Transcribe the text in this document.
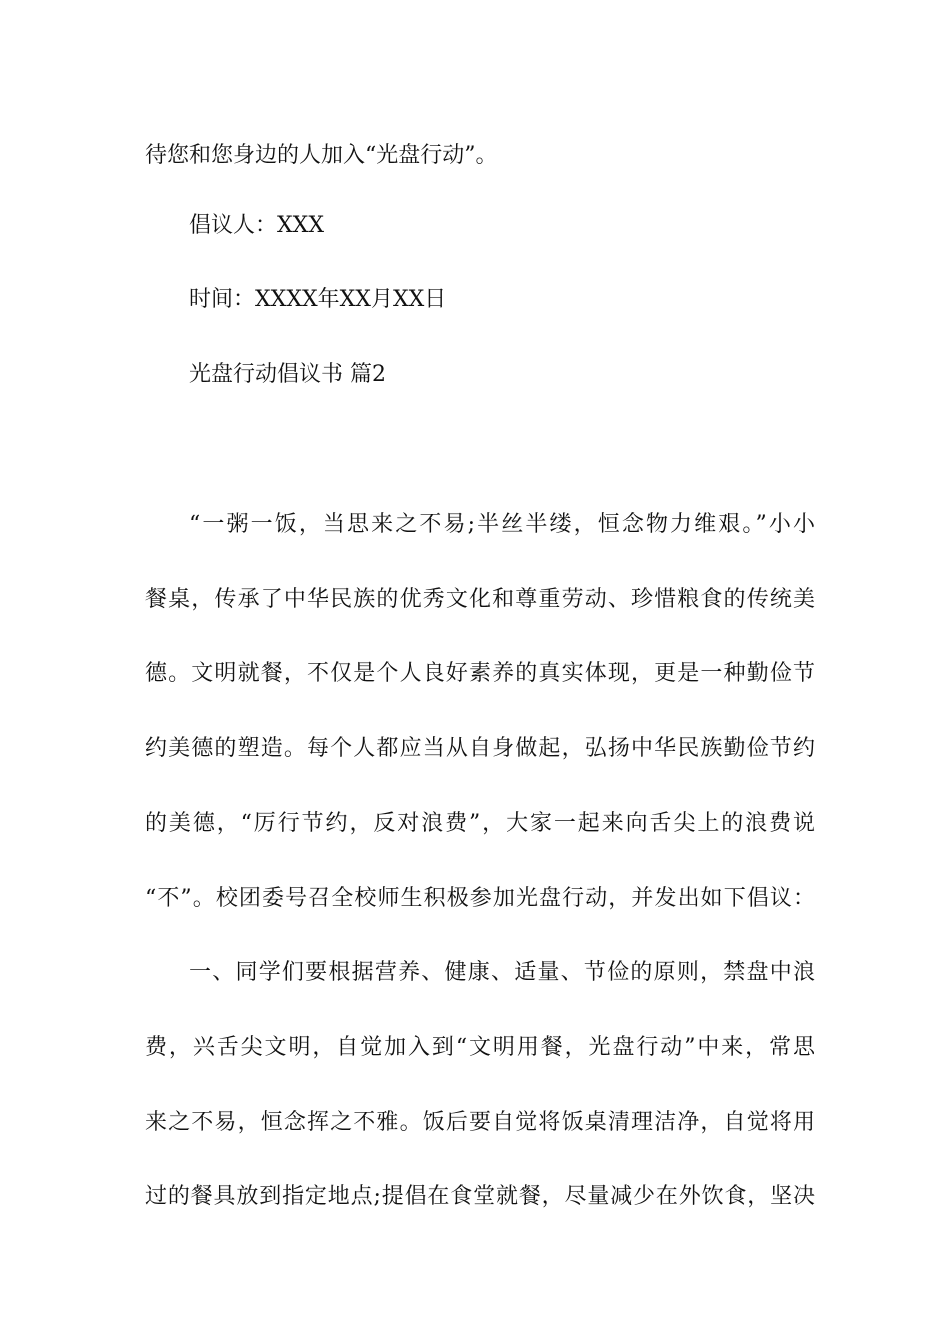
待您和您身边的人加入“光盘行动”。
倡议人：XXX
时间：XXXX年XX月XX日
光盘行动倡议书 篇2
“一粥一饭，当思来之不易;半丝半缕，恒念物力维艰。”小小
餐桌，传承了中华民族的优秀文化和尊重劳动、珍惜粮食的传统美
德。文明就餐，不仅是个人良好素养的真实体现，更是一种勤俭节
约美德的塑造。每个人都应当从自身做起，弘扬中华民族勤俭节约
的美德，“厉行节约，反对浪费”，大家一起来向舌尖上的浪费说
“不”。校团委号召全校师生积极参加光盘行动，并发出如下倡议：
一、同学们要根据营养、健康、适量、节俭的原则，禁盘中浪
费，兴舌尖文明，自觉加入到“文明用餐，光盘行动”中来，常思
来之不易，恒念挥之不雅。饭后要自觉将饭桌清理洁净，自觉将用
过的餐具放到指定地点;提倡在食堂就餐，尽量减少在外饮食，坚决
